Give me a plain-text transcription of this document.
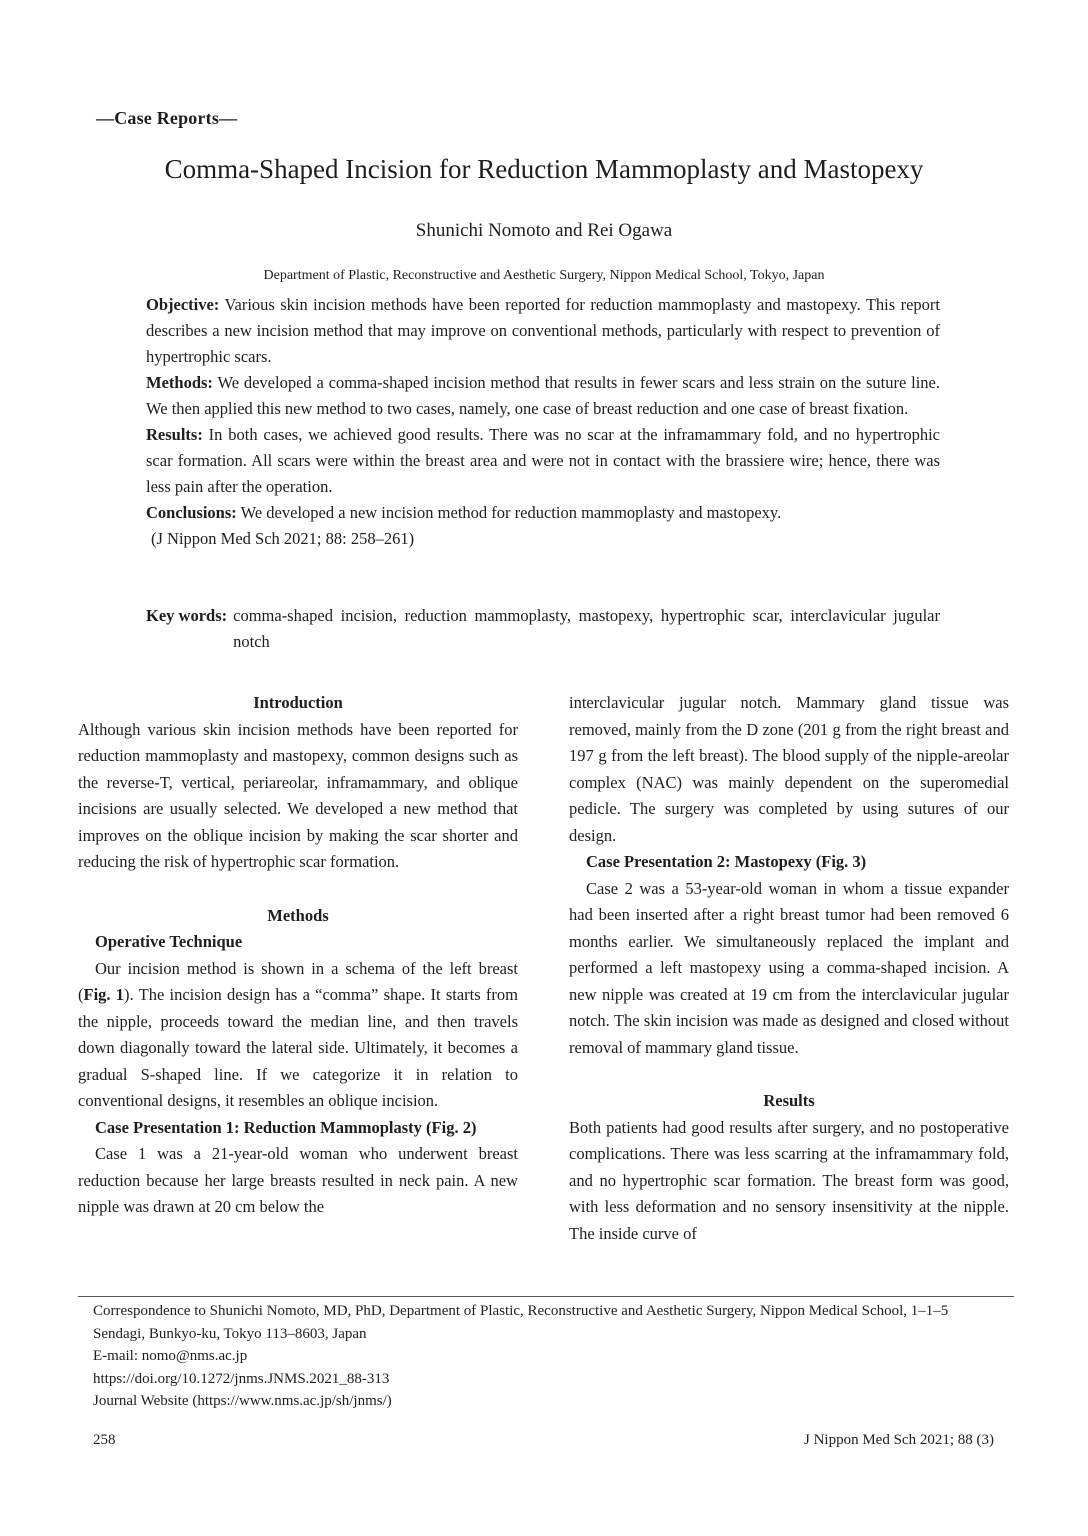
—Case Reports—
Comma-Shaped Incision for Reduction Mammoplasty and Mastopexy
Shunichi Nomoto and Rei Ogawa
Department of Plastic, Reconstructive and Aesthetic Surgery, Nippon Medical School, Tokyo, Japan

Objective: Various skin incision methods have been reported for reduction mammoplasty and mastopexy. This report describes a new incision method that may improve on conventional methods, particularly with respect to prevention of hypertrophic scars.

Methods: We developed a comma-shaped incision method that results in fewer scars and less strain on the suture line. We then applied this new method to two cases, namely, one case of breast reduction and one case of breast fixation.

Results: In both cases, we achieved good results. There was no scar at the inframammary fold, and no hypertrophic scar formation. All scars were within the breast area and were not in contact with the brassiere wire; hence, there was less pain after the operation.

Conclusions: We developed a new incision method for reduction mammoplasty and mastopexy.

(J Nippon Med Sch 2021; 88: 258‒261)

Key words: comma-shaped incision, reduction mammoplasty, mastopexy, hypertrophic scar, interclavicular jugular notch

Introduction

Although various skin incision methods have been reported for reduction mammoplasty and mastopexy, common designs such as the reverse-T, vertical, periareolar, inframammary, and oblique incisions are usually selected. We developed a new method that improves on the oblique incision by making the scar shorter and reducing the risk of hypertrophic scar formation.

Methods

Operative Technique

Our incision method is shown in a schema of the left breast (Fig. 1). The incision design has a “comma” shape. It starts from the nipple, proceeds toward the median line, and then travels down diagonally toward the lateral side. Ultimately, it becomes a gradual S-shaped line. If we categorize it in relation to conventional designs, it resembles an oblique incision.

Case Presentation 1: Reduction Mammoplasty (Fig. 2)

Case 1 was a 21-year-old woman who underwent breast reduction because her large breasts resulted in neck pain. A new nipple was drawn at 20 cm below the

interclavicular jugular notch. Mammary gland tissue was removed, mainly from the D zone (201 g from the right breast and 197 g from the left breast). The blood supply of the nipple-areolar complex (NAC) was mainly dependent on the superomedial pedicle. The surgery was completed by using sutures of our design.

Case Presentation 2: Mastopexy (Fig. 3)

Case 2 was a 53-year-old woman in whom a tissue expander had been inserted after a right breast tumor had been removed 6 months earlier. We simultaneously replaced the implant and performed a left mastopexy using a comma-shaped incision. A new nipple was created at 19 cm from the interclavicular jugular notch. The skin incision was made as designed and closed without removal of mammary gland tissue.

Results

Both patients had good results after surgery, and no postoperative complications. There was less scarring at the inframammary fold, and no hypertrophic scar formation. The breast form was good, with less deformation and no sensory insensitivity at the nipple. The inside curve of

Correspondence to Shunichi Nomoto, MD, PhD, Department of Plastic, Reconstructive and Aesthetic Surgery, Nippon Medical School, 1‒1‒5 Sendagi, Bunkyo-ku, Tokyo 113‒8603, Japan

E-mail: nomo@nms.ac.jp

https://doi.org/10.1272/jnms.JNMS.2021_88-313

Journal Website (https://www.nms.ac.jp/sh/jnms/)

258	J Nippon Med Sch 2021; 88 (3)
